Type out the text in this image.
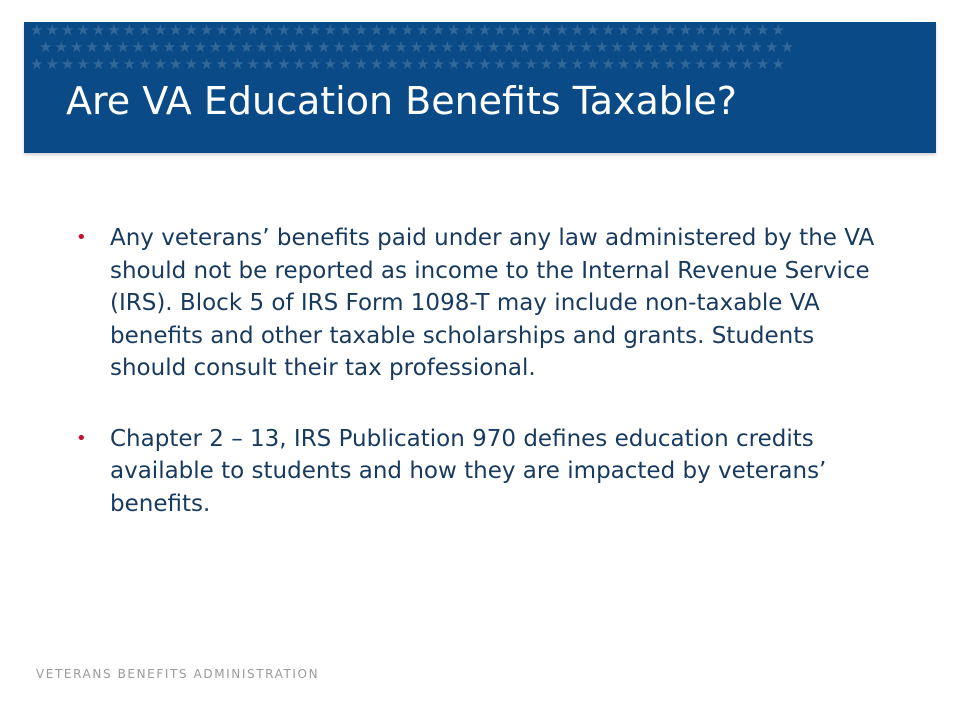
★★★★★★★★★★★★★★★★★★★★★★★★★★★★★★★★★★★★★★★★★★★★★★★★★
★★★★★★★★★★★★★★★★★★★★★★★★★★★★★★★★★★★★★★★★★★★★★★★★★
★★★★★★★★★★★★★★★★★★★★★★★★★★★★★★★★★★★★★★★★★★★★★★★★★
Are VA Education Benefits Taxable?
• Any veterans’ benefits paid under any law administered by the VA should not be reported as income to the Internal Revenue Service (IRS). Block 5 of IRS Form 1098-T may include non-taxable VA benefits and other taxable scholarships and grants. Students should consult their tax professional.
• Chapter 2 – 13, IRS Publication 970 defines education credits available to students and how they are impacted by veterans’ benefits.
VETERANS BENEFITS ADMINISTRATION
